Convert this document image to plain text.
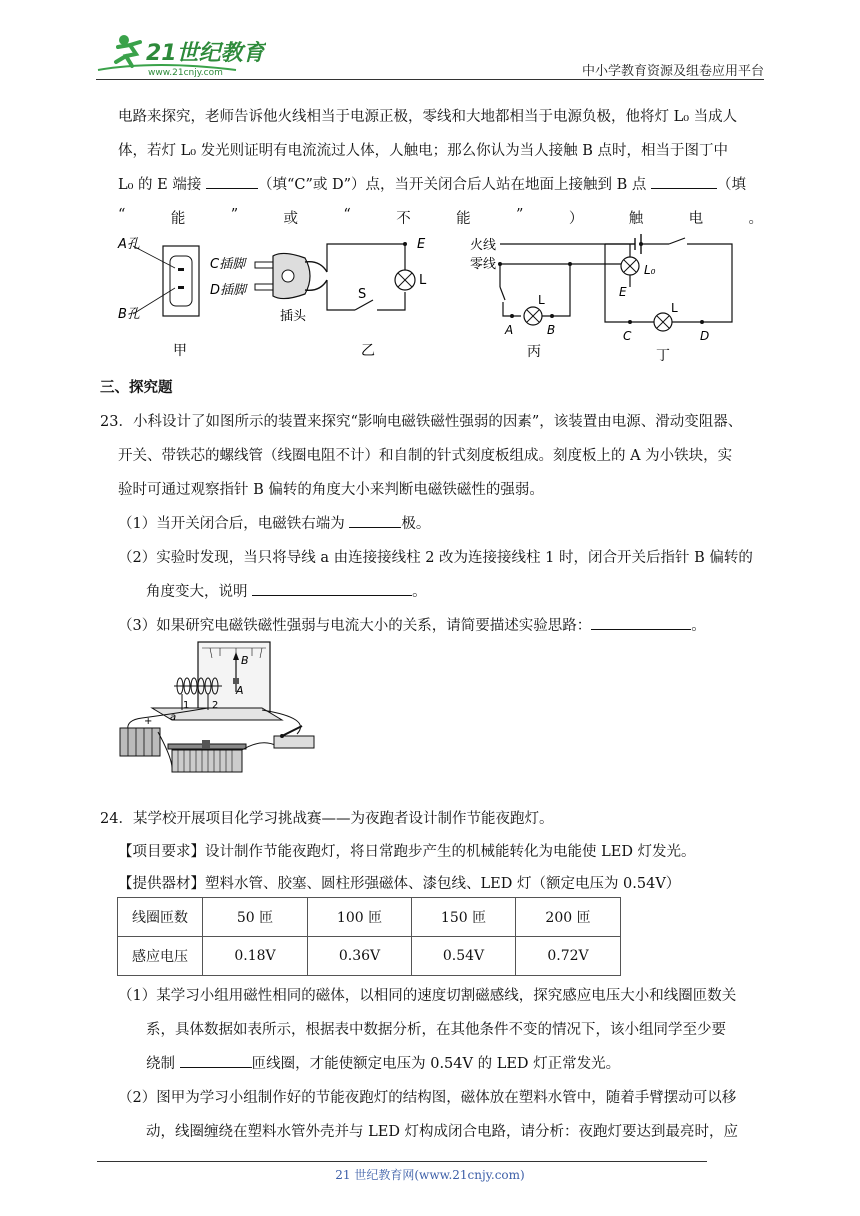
21世纪教育
www.21cnjy.com	中小学教育资源及组卷应用平台
电路来探究，老师告诉他火线相当于电源正极，零线和大地都相当于电源负极，他将灯 L₀ 当成人
体，若灯 L₀ 发光则证明有电流流过人体，人触电；那么你认为当人接触 B 点时，相当于图丁中
L₀ 的 E 端接	（填“C”或 D”）点，当开关闭合后人站在地面上接触到 B 点	（填
“	能	”	或	“	不	能	”	）	触	电	。
A孔
B孔
C插脚
D插脚
插头
甲
E
L
S
乙
火线
零线
A	B
L
丙
L₀
E
C	D
L
丁
三、探究题
23．小科设计了如图所示的装置来探究“影响电磁铁磁性强弱的因素”，该装置由电源、滑动变阻器、
开关、带铁芯的螺线管（线圈电阻不计）和自制的针式刻度板组成。刻度板上的 A 为小铁块，实
验时可通过观察指针 B 偏转的角度大小来判断电磁铁磁性的强弱。
（1）当开关闭合后，电磁铁右端为	极。
（2）实验时发现，当只将导线 a 由连接接线柱 2 改为连接接线柱 1 时，闭合开关后指针 B 偏转的
角度变大，说明	。
（3）如果研究电磁铁磁性强弱与电流大小的关系，请简要描述实验思路：	。
B
A
1 2
a
+
24．某学校开展项目化学习挑战赛——为夜跑者设计制作节能夜跑灯。
【项目要求】设计制作节能夜跑灯，将日常跑步产生的机械能转化为电能使 LED 灯发光。
【提供器材】塑料水管、胶塞、圆柱形强磁体、漆包线、LED 灯（额定电压为 0.54V）
线圈匝数	50 匝	100 匝	150 匝	200 匝
感应电压	0.18V	0.36V	0.54V	0.72V
（1）某学习小组用磁性相同的磁体，以相同的速度切割磁感线，探究感应电压大小和线圈匝数关
系，具体数据如表所示，根据表中数据分析，在其他条件不变的情况下，该小组同学至少要
绕制	匝线圈，才能使额定电压为 0.54V 的 LED 灯正常发光。
（2）图甲为学习小组制作好的节能夜跑灯的结构图，磁体放在塑料水管中，随着手臂摆动可以移
动，线圈缠绕在塑料水管外壳并与 LED 灯构成闭合电路，请分析：夜跑灯要达到最亮时，应
21 世纪教育网(www.21cnjy.com)
